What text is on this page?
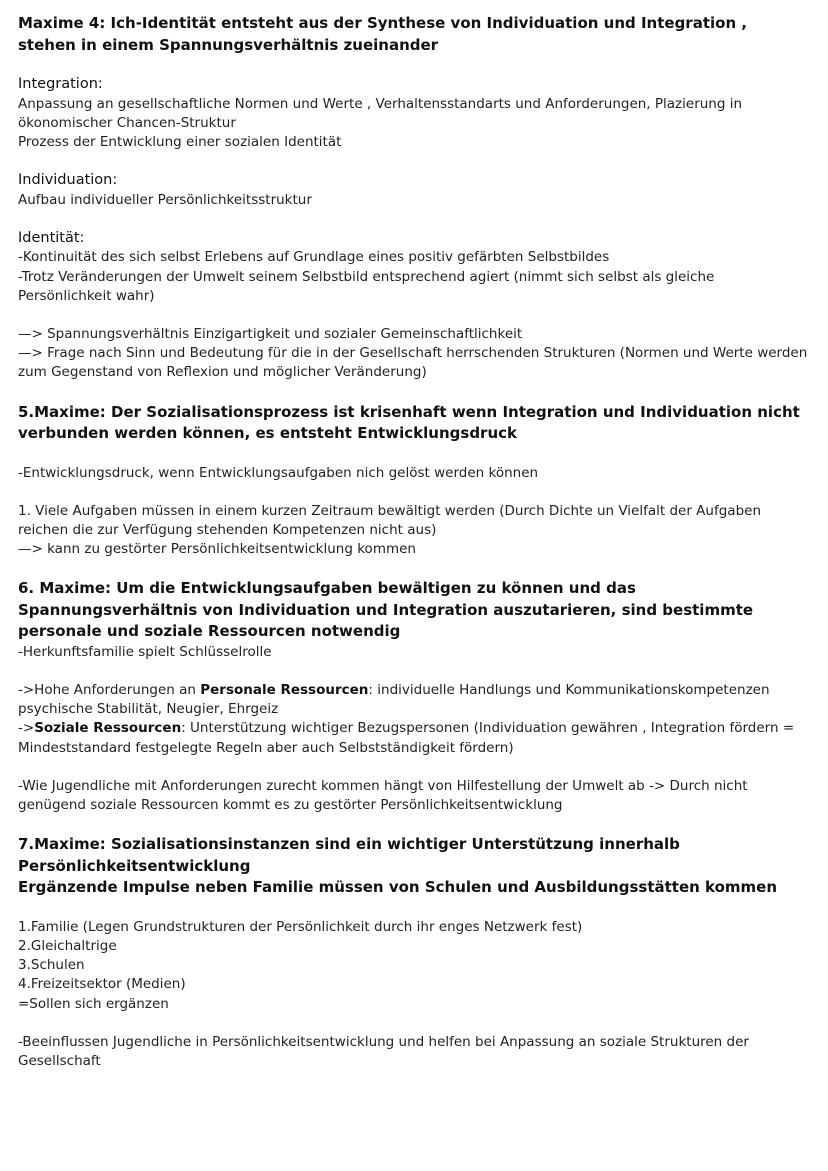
Maxime 4: Ich-Identität entsteht aus der Synthese von Individuation und Integration , stehen in einem Spannungsverhältnis zueinander

Integration:

Anpassung an gesellschaftliche Normen und Werte , Verhaltensstandarts und Anforderungen, Plazierung in ökonomischer Chancen-Struktur

Prozess der Entwicklung einer sozialen Identität

Individuation:

Aufbau individueller Persönlichkeitsstruktur

Identität:

-Kontinuität des sich selbst Erlebens auf Grundlage eines positiv gefärbten Selbstbildes

-Trotz Veränderungen der Umwelt seinem Selbstbild entsprechend agiert (nimmt sich selbst als gleiche Persönlichkeit wahr)

—> Spannungsverhältnis Einzigartigkeit und sozialer Gemeinschaftlichkeit

—> Frage nach Sinn und Bedeutung für die in der Gesellschaft herrschenden Strukturen (Normen und Werte werden zum Gegenstand von Reflexion und möglicher Veränderung)

5.Maxime: Der Sozialisationsprozess ist krisenhaft wenn Integration und Individuation nicht verbunden werden können, es entsteht Entwicklungsdruck

-Entwicklungsdruck, wenn Entwicklungsaufgaben nich gelöst werden können

1. Viele Aufgaben müssen in einem kurzen Zeitraum bewältigt werden (Durch Dichte un Vielfalt der Aufgaben reichen die zur Verfügung stehenden Kompetenzen nicht aus)

—> kann zu gestörter Persönlichkeitsentwicklung kommen

6. Maxime: Um die Entwicklungsaufgaben bewältigen zu können und das Spannungsverhältnis von Individuation und Integration auszutarieren, sind bestimmte personale und soziale Ressourcen notwendig

-Herkunftsfamilie spielt Schlüsselrolle

->Hohe Anforderungen an Personale Ressourcen: individuelle Handlungs und Kommunikationskompetenzen psychische Stabilität, Neugier, Ehrgeiz

->Soziale Ressourcen: Unterstützung wichtiger Bezugspersonen (Individuation gewähren , Integration fördern = Mindeststandard festgelegte Regeln aber auch Selbstständigkeit fördern)

-Wie Jugendliche mit Anforderungen zurecht kommen hängt von Hilfestellung der Umwelt ab -> Durch nicht genügend soziale Ressourcen kommt es zu gestörter Persönlichkeitsentwicklung

7.Maxime: Sozialisationsinstanzen sind ein wichtiger Unterstützung innerhalb Persönlichkeitsentwicklung

Ergänzende Impulse neben Familie müssen von Schulen und Ausbildungsstätten kommen

1.Familie (Legen Grundstrukturen der Persönlichkeit durch ihr enges Netzwerk fest)

2.Gleichaltrige

3.Schulen

4.Freizeitsektor (Medien)

=Sollen sich ergänzen

-Beeinflussen Jugendliche in Persönlichkeitsentwicklung und helfen bei Anpassung an soziale Strukturen der Gesellschaft
